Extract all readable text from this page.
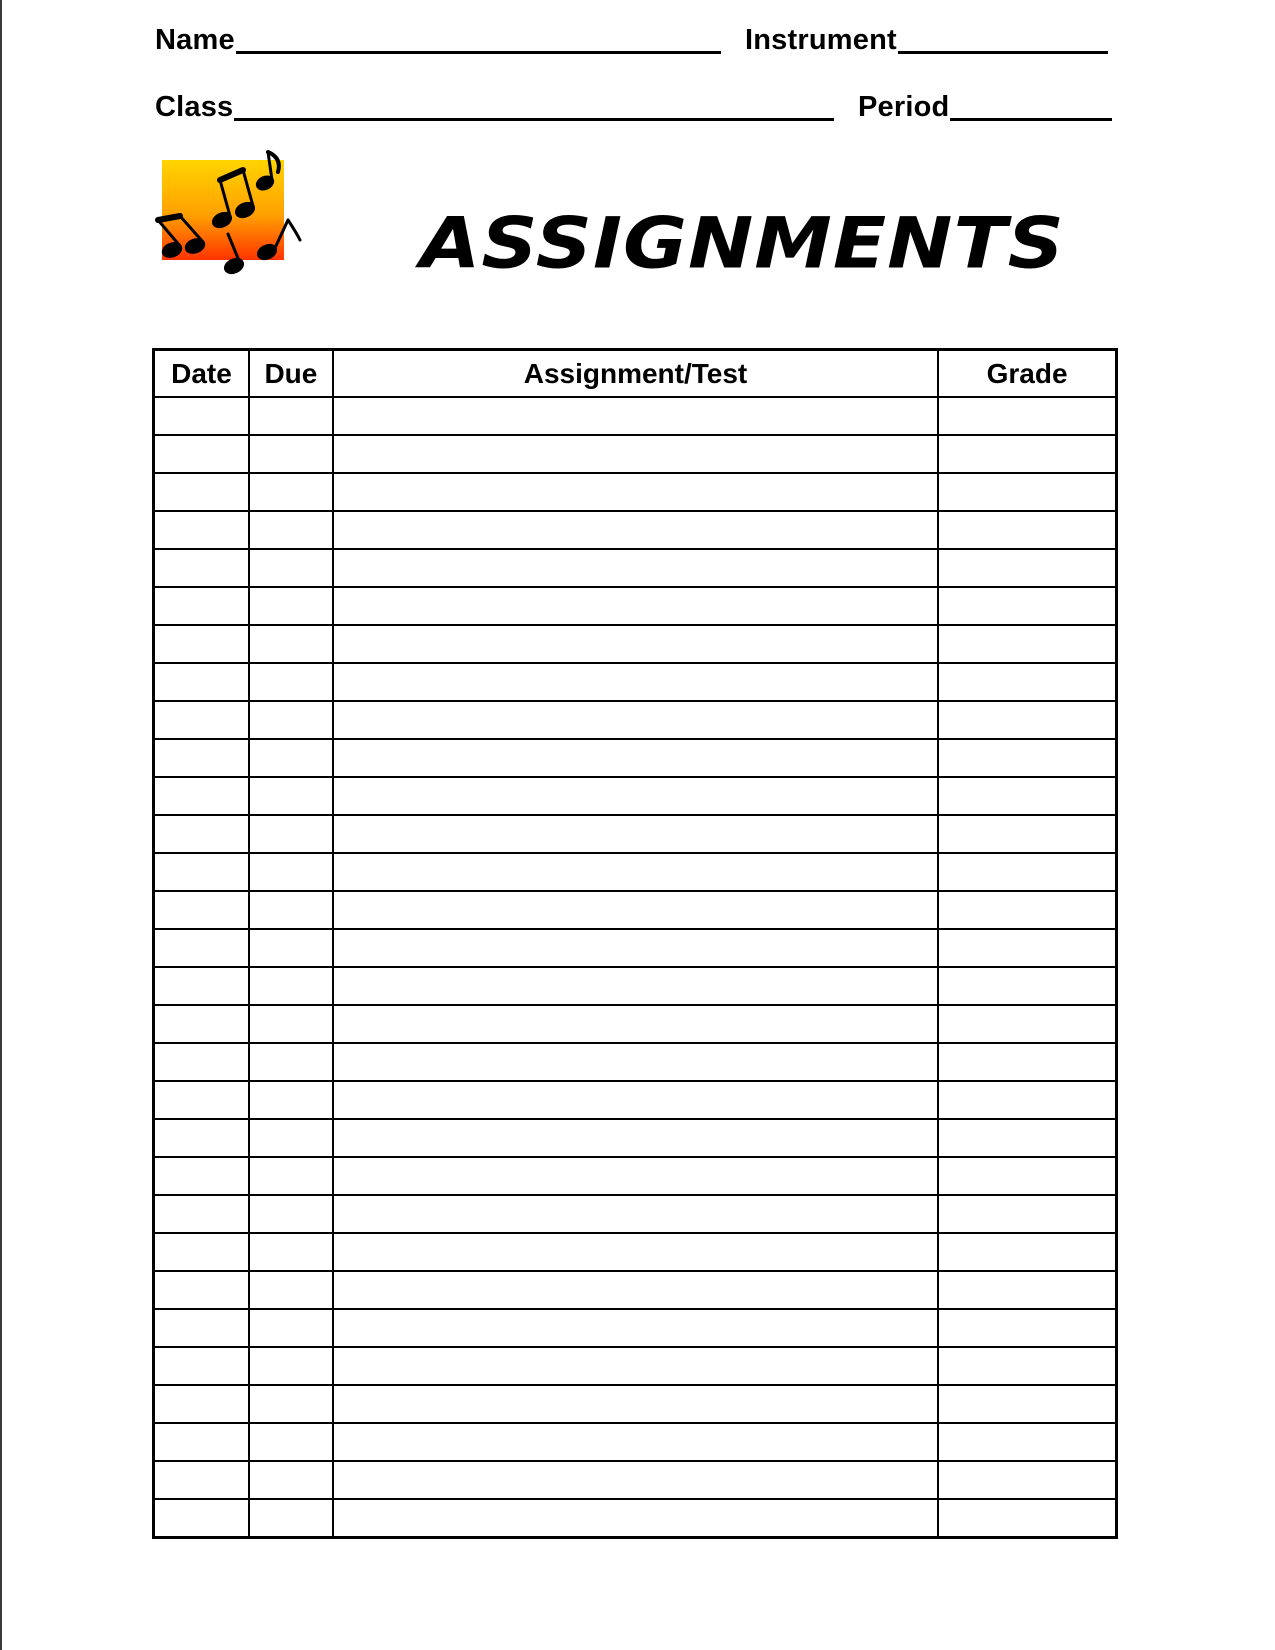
Name	Instrument
Class	Period
ASSIGNMENTS
Date	Due	Assignment/Test	Grade
